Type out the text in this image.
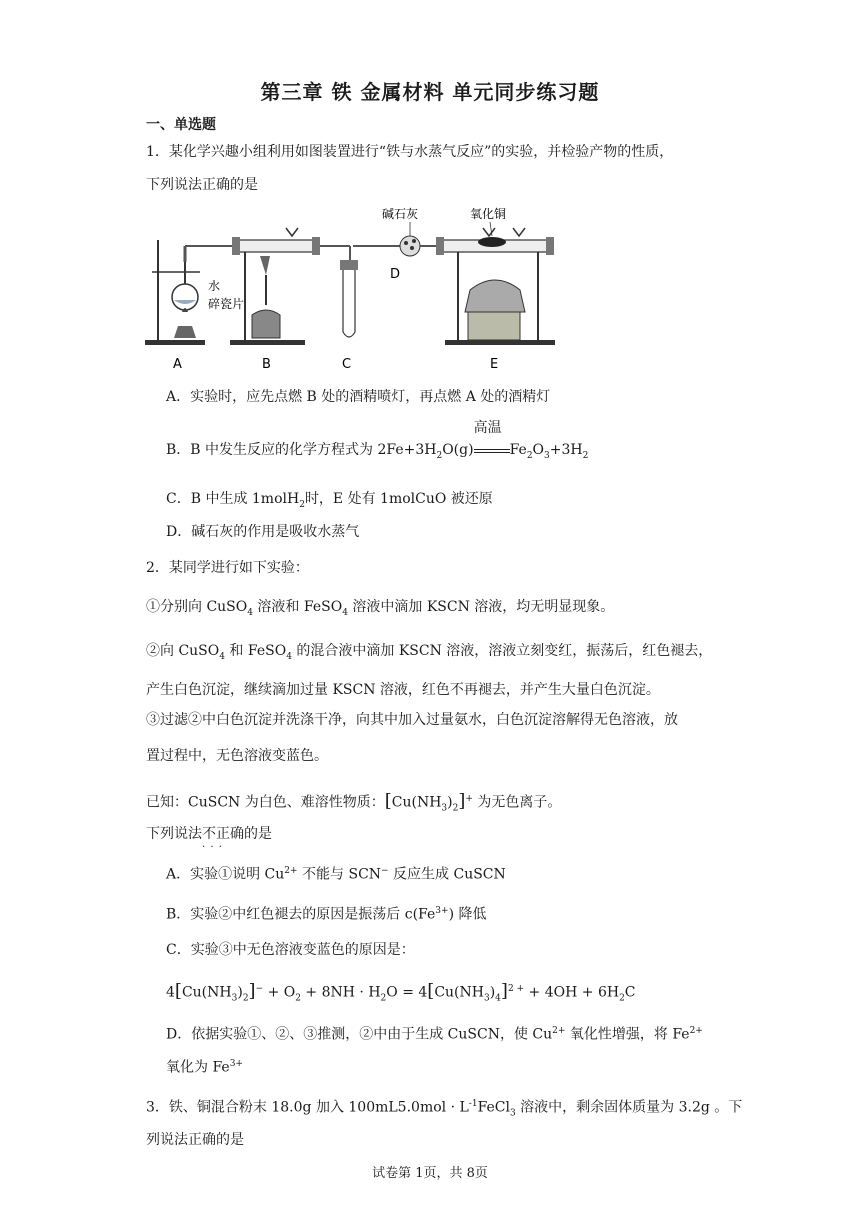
第三章 铁 金属材料 单元同步练习题
一、单选题
1．某化学兴趣小组利用如图装置进行“铁与水蒸气反应”的实验，并检验产物的性质，
下列说法正确的是
碱石灰	氧化铜
水
碎瓷片
A	B	C
D
E
A．实验时，应先点燃 B 处的酒精喷灯，再点燃 A 处的酒精灯
B．B 中发生反应的化学方程式为 $2Fe+3H_2O(g)$
高温
$Fe_2O_3+3H_2$
C．B 中生成 1molH$_2$时，E 处有 1molCuO 被还原
D．碱石灰的作用是吸收水蒸气
2．某同学进行如下实验：
①分别向 CuSO$_4$ 溶液和 FeSO$_4$ 溶液中滴加 KSCN 溶液，均无明显现象。
②向 CuSO$_4$ 和 FeSO$_4$ 的混合液中滴加 KSCN 溶液，溶液立刻变红，振荡后，红色褪去，
产生白色沉淀，继续滴加过量 KSCN 溶液，红色不再褪去，并产生大量白色沉淀。
③过滤②中白色沉淀并洗涤干净，向其中加入过量氨水，白色沉淀溶解得无色溶液，放
置过程中，无色溶液变蓝色。
已知：CuSCN 为白色、难溶性物质：$[Cu(NH_3)_2]^+$ 为无色离子。
下列说法不正确 · · ·的是
A．实验①说明 $Cu^{2+}$ 不能与 SCN− 反应生成 CuSCN
B．实验②中红色褪去的原因是振荡后 $c(Fe^{3+})$ 降低
C．实验③中无色溶液变蓝色的原因是：
$4[Cu(NH_3)_2]^- + O_2 + 8NH \cdot H_2O = 4[Cu(NH_3)_4]^{2 +} + 4OH + 6H_2C$
D．依据实验①、②、③推测，②中由于生成 CuSCN，使 $Cu^{2+}$ 氧化性增强，将 $Fe^{2+}$
氧化为 $Fe^{3+}$
3．铁、铜混合粉末 18.0g 加入 $100mL5.0mol \cdot L^{-1}FeCl_3$ 溶液中，剩余固体质量为 3.2g 。下
列说法正确的是
试卷第 1页，共 8页
